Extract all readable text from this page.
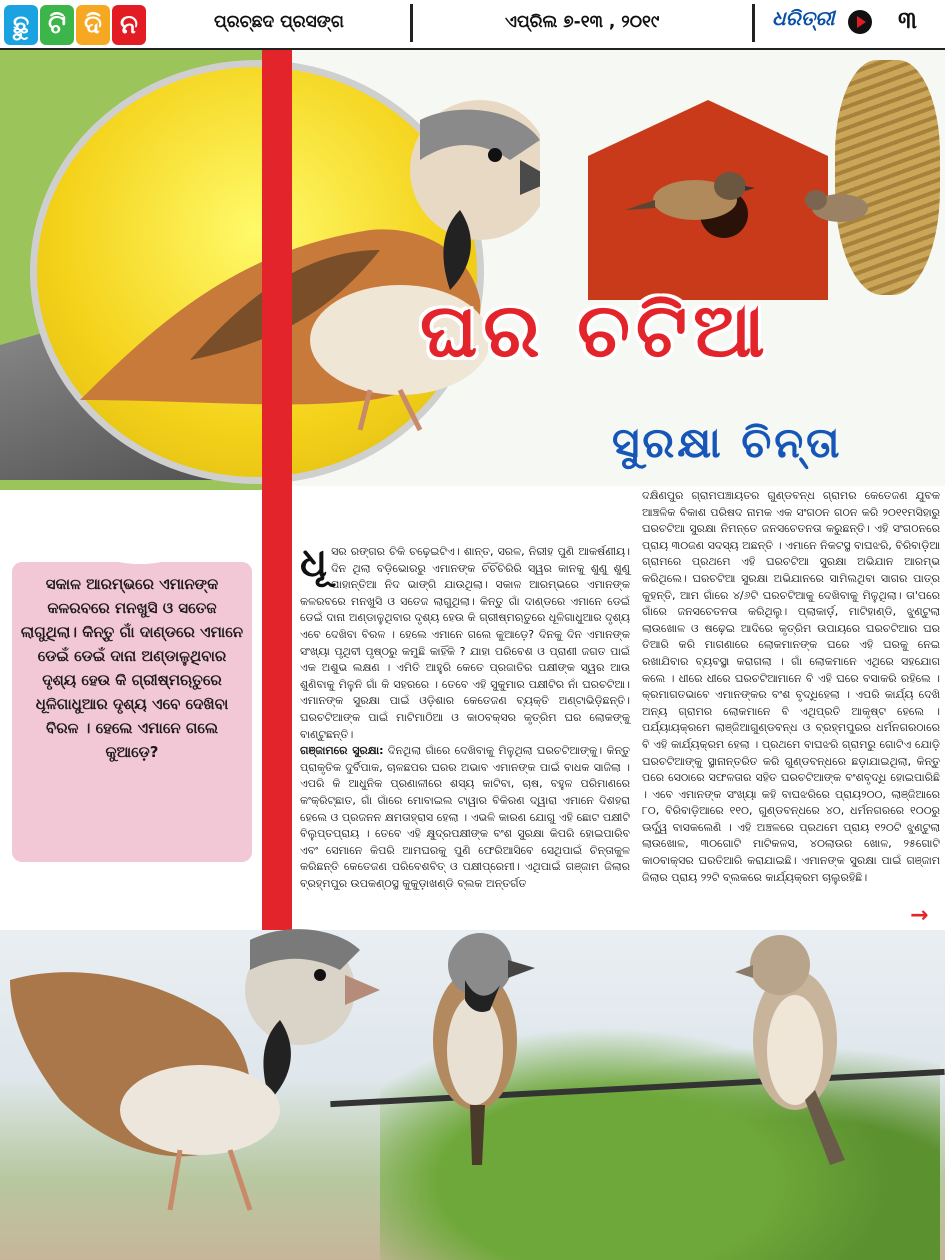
ଛୁ ଟି ଦି ନ	ପ୍ରଚ୍ଛଦ ପ୍ରସଙ୍ଗ	ଏପ୍ରିଲ ୭-୧୩ , ୨୦୧୯	ଧରିତ୍ରୀ	୩
ଘର ଚଟିଆ
ସୁରକ୍ଷା ଚିନ୍ତା
ସକାଳ ଆରମ୍ଭରେ ଏମାନଙ୍କ କଳରବରେ ମନଖୁସି ଓ ସତେଜ ଲାଗୁଥିଲା। କିନ୍ତୁ ଗାଁ ଦାଣ୍ଡରେ ଏମାନେ ଡେଇଁ ଡେଇଁ ଦାନା ଅଣ୍ଡାଳୁଥିବାର ଦୃଶ୍ୟ ହେଉ କି ଗ୍ରୀଷ୍ମଋତୁରେ ଧୂଳିଗାଧୁଆର ଦୃଶ୍ୟ ଏବେ ଦେଖିବା ବିରଳ । ହେଲେ ଏମାନେ ଗଲେ କୁଆଡ଼େ?
ଧୂସର ରଙ୍ଗର ଚିକି ଚଢ଼େଇଟିଏ। ଶାନ୍ତ, ସରଳ, ନିରୀହ ପୁଣି ଆକର୍ଷଣୀୟ। ଦିନ ଥିଲା ବଡ଼ିଭୋରରୁ ଏମାନଙ୍କ ଚିଁଚିଁଚିରିରି ସ୍ୱର କାନକୁ ଶୁଣୁ ଶୁଣୁ ପାହାନ୍ତିଆ ନିଦ ଭାଙ୍ଗି ଯାଉଥିଲା। ସକାଳ ଆରମ୍ଭରେ ଏମାନଙ୍କ କଳରବରେ ମନଖୁସି ଓ ସତେଜ ଲାଗୁଥିଲା। କିନ୍ତୁ ଗାଁ ଦାଣ୍ଡରେ ଏମାନେ ଡେଇଁ ଡେଇଁ ଦାନା ଅଣ୍ଡାଳୁଥିବାର ଦୃଶ୍ୟ ହେଉ କି ଗ୍ରୀଷ୍ମଋତୁରେ ଧୂଳିଗାଧୁଆର ଦୃଶ୍ୟ ଏବେ ଦେଖିବା ବିରଳ । ହେଲେ ଏମାନେ ଗଲେ କୁଆଡ଼େ? ଦିନକୁ ଦିନ ଏମାନଙ୍କ ସଂଖ୍ୟା ପୃଥିବୀ ପୃଷ୍ଠରୁ କମୁଛି କାହିଁକି ? ଯାହା ପରିବେଶ ଓ ପ୍ରାଣୀ ଜଗତ ପାଇଁ ଏକ ଅଶୁଭ ଲକ୍ଷଣ । ଏମିତି ଆହୁରି କେତେ ପ୍ରଜାତିର ପକ୍ଷୀଙ୍କ ସ୍ୱର ଆଉ ଶୁଣିବାକୁ ମିଳୁନି ଗାଁ କି ସହରରେ । ତେବେ ଏହି ସୁକୁମାର ପକ୍ଷୀଟିର ନାଁ ଘରଚଟିଆ। ଏମାନଙ୍କ ସୁରକ୍ଷା ପାଇଁ ଓଡ଼ିଶାର କେତେଜଣ ବ୍ୟକ୍ତି ଅଣ୍ଟାଭିଡ଼ିଛନ୍ତି। ଘରଚଟିଆଙ୍କ ପାଇଁ ମାଟିମାଠିଆ ଓ କାଠବକ୍ସର କୃତ୍ରିମ ଘର ଲୋକଙ୍କୁ ବାଣ୍ଟୁଛନ୍ତି।
ଗଞ୍ଜାମରେ ସୁରକ୍ଷା: ଦିନଥିଲା ଗାଁରେ ଦେଖିବାକୁ ମିଳୁଥିଲା ଘରଚଟିଆଙ୍କୁ। କିନ୍ତୁ ପ୍ରାକୃତିକ ଦୁର୍ବିପାକ, ଚାଳଛପର ଘରର ଅଭାବ ଏମାନଙ୍କ ପାଇଁ ବାଧକ ସାଜିଲା । ଏପରି କି ଆଧୁନିକ ପ୍ରଣାଳୀରେ ଶସ୍ୟ କାଟିବା, ଚାଷ, ବହୁଳ ପରିମାଣରେ କଂକ୍ରିଟ୍ଛାତ, ଗାଁ ଗାଁରେ ମୋବାଇଲ ଟାୱାର ବିକିରଣ ଦ୍ୱାରା ଏମାନେ ଦିଶହରା ହେଲେ ଓ ପ୍ରଜନନ କ୍ଷମତାହ୍ରାସ ହେଲା । ଏଭଳି କାରଣ ଯୋଗୁ ଏହି ଛୋଟ ପକ୍ଷୀଟି ବିଲୁପ୍ତପ୍ରାୟ । ତେବେ ଏହି କ୍ଷୁଦ୍ରପକ୍ଷୀଙ୍କ ବଂଶ ସୁରକ୍ଷା କିପରି ହୋଇପାରିବ ଏବଂ ସେମାନେ କିପରି ଆମଘରକୁ ପୁଣି ଫେରିଆସିବେ ସେଥିପାଇଁ ଚିନ୍ତାକୁଳ କରିଛନ୍ତି କେତେଜଣ ପରିବେଶବିତ୍ ଓ ପକ୍ଷୀପ୍ରେମୀ। ଏଥିପାଇଁ ଗଞ୍ଜାମ ଜିଲାର ବ୍ରହ୍ମପୁର ଉପକଣ୍ଠସ୍ଥ କୁକୁଡ଼ାଖଣ୍ଡି ବ୍ଲକ ଅନ୍ତର୍ଗତ
ଦକ୍ଷିଣପୁର ଗ୍ରାମପଞ୍ଚାୟତର ଗୁଣ୍ଡବନ୍ଧ ଗ୍ରାମର କେତେଜଣ ଯୁବକ ଆଞ୍ଚଳିକ ବିକାଶ ପରିଷଦ ନାମକ ଏକ ସଂଗଠନ ଗଠନ କରି ୨୦୧୧ମସିହାରୁ ଘରଚଟିଆ ସୁରକ୍ଷା ନିମନ୍ତେ ଜନସଚେତନତା କରୁଛନ୍ତି। ଏହି ସଂଗଠନରେ ପ୍ରାୟ ୩୦ଜଣ ସଦସ୍ୟ ଅଛନ୍ତି । ଏମାନେ ନିକଟସ୍ଥ ବାଘଝରି, ବିରିବାଡ଼ିଆ ଗ୍ରାମରେ ପ୍ରଥମେ ଏହି ଘରଚଟିଆ ସୁରକ୍ଷା ଅଭିଯାନ ଆରମ୍ଭ କରିଥିଲେ। ଘରଚଟିଆ ସୁରକ୍ଷା ଅଭିଯାନରେ ସାମିଲଥିବା ସାଗର ପାତ୍ର କୁହନ୍ତି, ଆମ ଗାଁରେ ୪/୬ଟି ଘରଚଟିଆକୁ ଦେଖିବାକୁ ମିଳୁଥିଲା। ତା'ପରେ ଗାଁରେ ଜନସଚେତନତା କରିଥିଲୁ। ପ୍ଲାକାର୍ଡ଼, ମାଟିହାଣ୍ଡି, ଝୁଣ୍ଟୁଲା ଲାଉଖୋଳ ଓ ଷଢ଼େଇ ଆଦିରେ କୃତ୍ରିମ ଉପାୟରେ ଘରଚଟିଆର ଘର ତିଆରି କରି ମାଗଣାରେ ଲୋକମାନଙ୍କ ଘରେ ଏହି ଘରକୁ ନେଇ ରଖାଯିବାର ବ୍ୟବସ୍ଥା କରାଗଲା । ଗାଁ ଲୋକମାନେ ଏଥିରେ ସହଯୋଗ କଲେ । ଧୀରେ ଧୀରେ ଘରଚଟିଆମାନେ ବି ଏହି ଘରେ ବସାକରି ରହିଲେ । କ୍ରମାଗତଭାବେ ଏମାନଙ୍କର ବଂଶ ବୃଦ୍ଧିହେଲା । ଏପରି କାର୍ଯ୍ୟ ଦେଖି ଅନ୍ୟ ଗ୍ରାମର ଲୋକମାନେ ବି ଏଥିପ୍ରତି ଆକୃଷ୍ଟ ହେଲେ । ପର୍ଯ୍ୟାୟକ୍ରମେ ଲାଞ୍ଜିଆଗୁଣ୍ଡବନ୍ଧ ଓ ବ୍ରହ୍ମପୁରର ଧର୍ମନଗରଠାରେ ବି ଏହି କାର୍ଯ୍ୟକ୍ରମ ହେଲା । ପ୍ରଥମେ ବାଘଝରି ଗ୍ରାମରୁ ଗୋଟିଏ ଯୋଡ଼ି ଘରଚଟିଆଙ୍କୁ ସ୍ଥାନାନ୍ତରିତ କରି ଗୁଣ୍ଡବନ୍ଧରେ ଛଡ଼ାଯାଇଥିଲା, କିନ୍ତୁ ପରେ ସେଠାରେ ସଫଳତାର ସହିତ ଘରଚଟିଆଙ୍କ ବଂଶବୃଦ୍ଧି ହୋଇପାରିଛି । ଏବେ ଏମାନଙ୍କ ସଂଖ୍ୟା କହି ବାଘଝରିରେ ପ୍ରାୟ୨୦୦, ଲାଞ୍ଜିଆରେ ୮୦, ବିରିବାଡ଼ିଆରେ ୧୧୦, ଗୁଣ୍ଡବନ୍ଧରେ ୪୦, ଧର୍ମନଗରରେ ୧୦୦ରୁ ଊର୍ଦ୍ଧ୍ୱ ବାସକଲେଣି । ଏହି ଅଞ୍ଚଳରେ ପ୍ରଥମେ ପ୍ରାୟ ୧୨୦ଟି ଝୁଣ୍ଟୁଲା ଲାଉଖୋଳ, ୩୦ଗୋଟି ମାଟିକଳସ, ୪୦ଲାଉର ଖୋଳ, ୨୫ଗୋଟି କାଠବାକ୍ସର ଘରତିଆରି କରାଯାଇଛି। ଏମାନଙ୍କ ସୁରକ୍ଷା ପାଇଁ ଗଞ୍ଜାମ ଜିଲାର ପ୍ରାୟ ୨୨ଟି ବ୍ଲକରେ କାର୍ଯ୍ୟକ୍ରମ ଚାଲୁରହିଛି।
→
